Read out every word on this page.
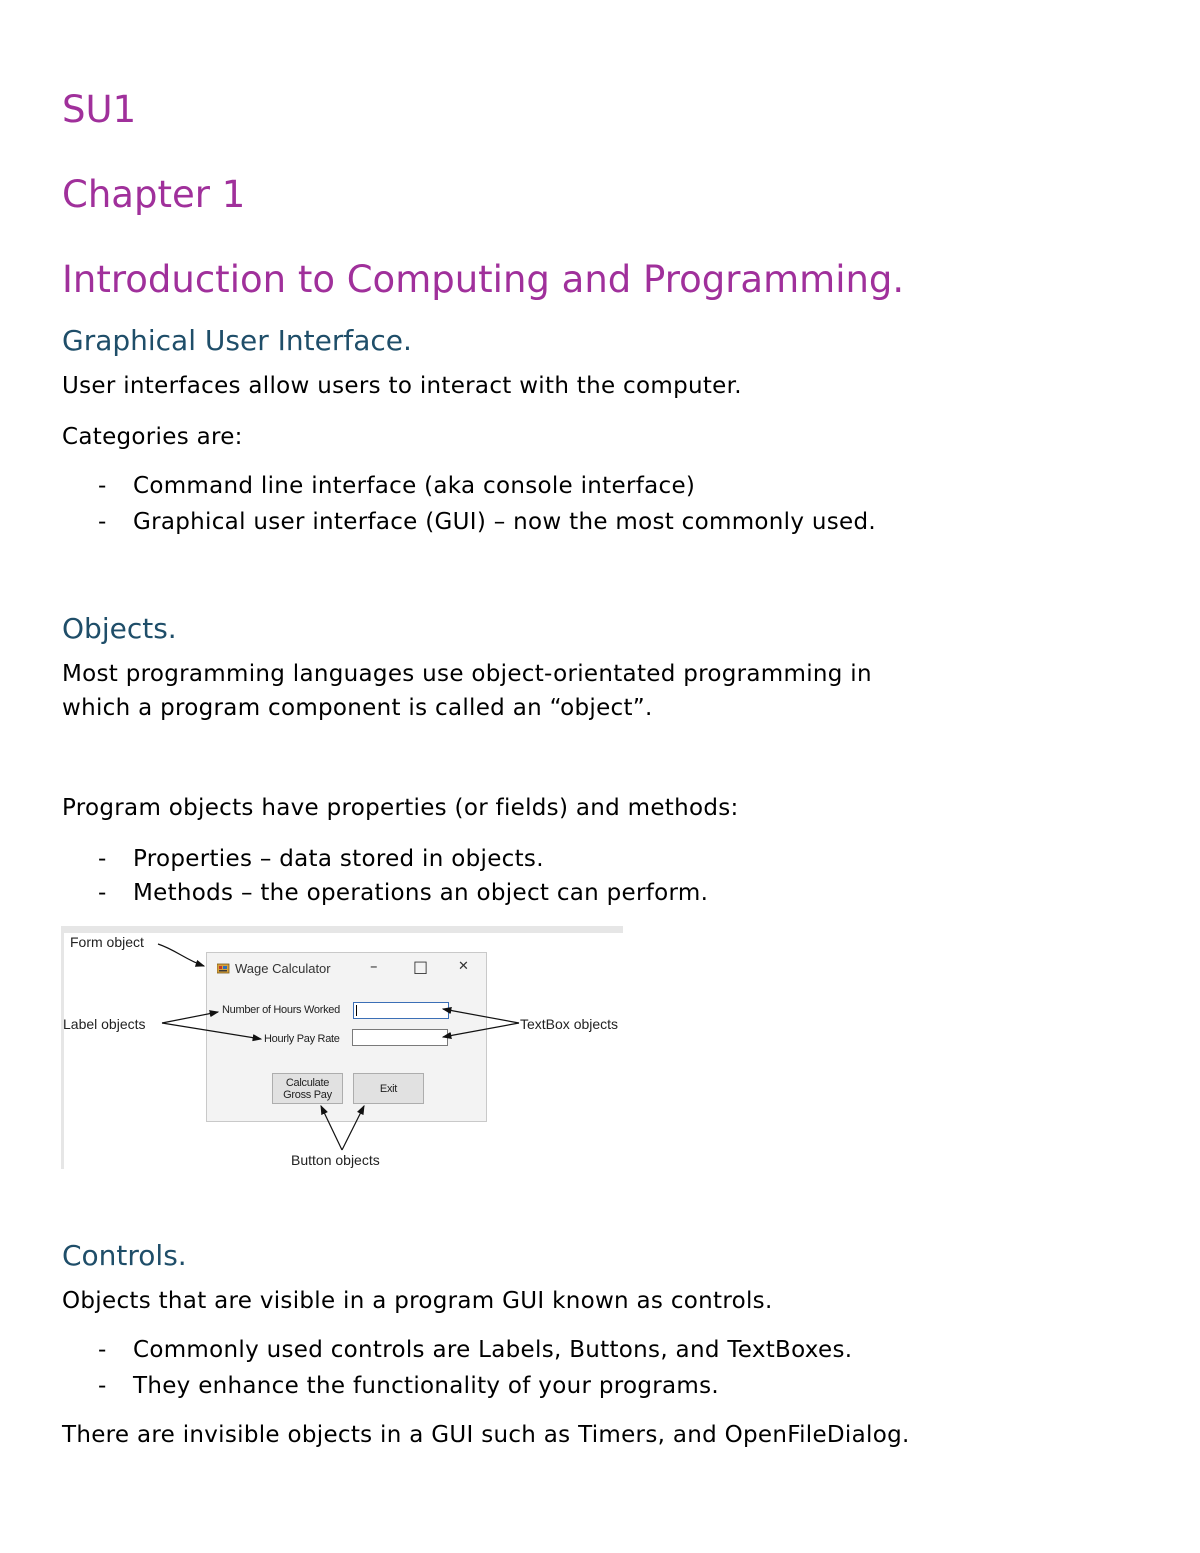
SU1
Chapter 1
Introduction to Computing and Programming.
Graphical User Interface.
User interfaces allow users to interact with the computer.
Categories are:
- Command line interface (aka console interface)
- Graphical user interface (GUI) – now the most commonly used.
Objects.
Most programming languages use object-orientated programming in
which a program component is called an “object”.
Program objects have properties (or fields) and methods:
- Properties – data stored in objects.
- Methods – the operations an object can perform.
Wage Calculator	– □ ✕
Number of Hours Worked
Hourly Pay Rate
Calculate
Gross Pay	Exit
Form object
Label objects	TextBox objects
Button objects
Controls.
Objects that are visible in a program GUI known as controls.
- Commonly used controls are Labels, Buttons, and TextBoxes.
- They enhance the functionality of your programs.
There are invisible objects in a GUI such as Timers, and OpenFileDialog.
